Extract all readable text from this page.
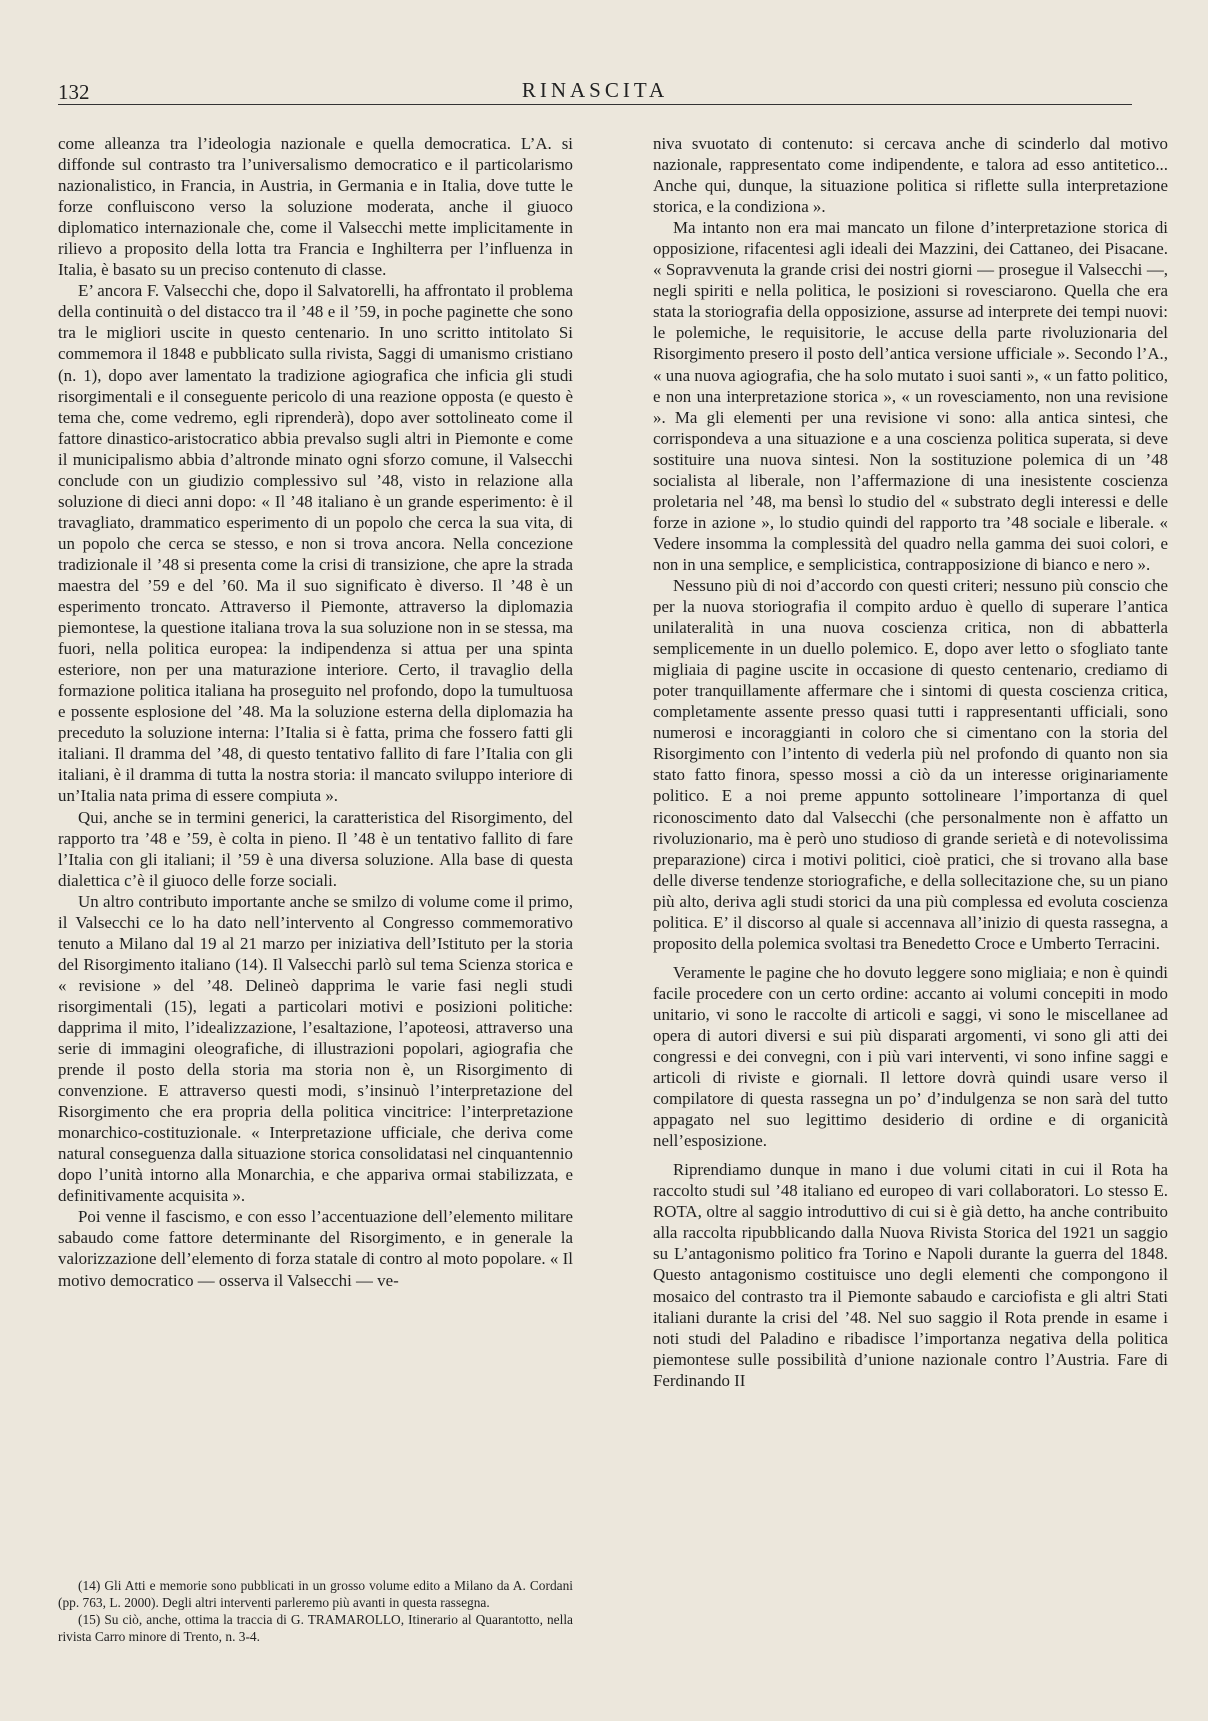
132	RINASCITA

come alleanza tra l’ideologia nazionale e quella democratica. L’A. si diffonde sul contrasto tra l’universalismo democratico e il particolarismo nazionalistico, in Francia, in Austria, in Germania e in Italia, dove tutte le forze confluiscono verso la soluzione moderata, anche il giuoco diplomatico internazionale che, come il Valsecchi mette implicitamente in rilievo a proposito della lotta tra Francia e Inghilterra per l’influenza in Italia, è basato su un preciso contenuto di classe.

E’ ancora F. Valsecchi che, dopo il Salvatorelli, ha affrontato il problema della continuità o del distacco tra il ’48 e il ’59, in poche paginette che sono tra le migliori uscite in questo centenario. In uno scritto intitolato Si commemora il 1848 e pubblicato sulla rivista, Saggi di umanismo cristiano (n. 1), dopo aver lamentato la tradizione agiografica che inficia gli studi risorgimentali e il conseguente pericolo di una reazione opposta (e questo è tema che, come vedremo, egli riprenderà), dopo aver sottolineato come il fattore dinastico-aristocratico abbia prevalso sugli altri in Piemonte e come il municipalismo abbia d’altronde minato ogni sforzo comune, il Valsecchi conclude con un giudizio complessivo sul ’48, visto in relazione alla soluzione di dieci anni dopo: « Il ’48 italiano è un grande esperimento: è il travagliato, drammatico esperimento di un popolo che cerca la sua vita, di un popolo che cerca se stesso, e non si trova ancora. Nella concezione tradizionale il ’48 si presenta come la crisi di transizione, che apre la strada maestra del ’59 e del ’60. Ma il suo significato è diverso. Il ’48 è un esperimento troncato. Attraverso il Piemonte, attraverso la diplomazia piemontese, la questione italiana trova la sua soluzione non in se stessa, ma fuori, nella politica europea: la indipendenza si attua per una spinta esteriore, non per una maturazione interiore. Certo, il travaglio della formazione politica italiana ha proseguito nel profondo, dopo la tumultuosa e possente esplosione del ’48. Ma la soluzione esterna della diplomazia ha preceduto la soluzione interna: l’Italia si è fatta, prima che fossero fatti gli italiani. Il dramma del ’48, di questo tentativo fallito di fare l’Italia con gli italiani, è il dramma di tutta la nostra storia: il mancato sviluppo interiore di un’Italia nata prima di essere compiuta ».

Qui, anche se in termini generici, la caratteristica del Risorgimento, del rapporto tra ’48 e ’59, è colta in pieno. Il ’48 è un tentativo fallito di fare l’Italia con gli italiani; il ’59 è una diversa soluzione. Alla base di questa dialettica c’è il giuoco delle forze sociali.

Un altro contributo importante anche se smilzo di volume come il primo, il Valsecchi ce lo ha dato nell’intervento al Congresso commemorativo tenuto a Milano dal 19 al 21 marzo per iniziativa dell’Istituto per la storia del Risorgimento italiano (14). Il Valsecchi parlò sul tema Scienza storica e « revisione » del ’48. Delineò dapprima le varie fasi negli studi risorgimentali (15), legati a particolari motivi e posizioni politiche: dapprima il mito, l’idealizzazione, l’esaltazione, l’apoteosi, attraverso una serie di immagini oleografiche, di illustrazioni popolari, agiografia che prende il posto della storia ma storia non è, un Risorgimento di convenzione. E attraverso questi modi, s’insinuò l’interpretazione del Risorgimento che era propria della politica vincitrice: l’interpretazione monarchico-costituzionale. « Interpretazione ufficiale, che deriva come natural conseguenza dalla situazione storica consolidatasi nel cinquantennio dopo l’unità intorno alla Monarchia, e che appariva ormai stabilizzata, e definitivamente acquisita ».

Poi venne il fascismo, e con esso l’accentuazione dell’elemento militare sabaudo come fattore determinante del Risorgimento, e in generale la valorizzazione dell’elemento di forza statale di contro al moto popolare. « Il motivo democratico — osserva il Valsecchi — ve-

niva svuotato di contenuto: si cercava anche di scinderlo dal motivo nazionale, rappresentato come indipendente, e talora ad esso antitetico... Anche qui, dunque, la situazione politica si riflette sulla interpretazione storica, e la condiziona ».

Ma intanto non era mai mancato un filone d’interpretazione storica di opposizione, rifacentesi agli ideali dei Mazzini, dei Cattaneo, dei Pisacane. « Sopravvenuta la grande crisi dei nostri giorni — prosegue il Valsecchi —, negli spiriti e nella politica, le posizioni si rovesciarono. Quella che era stata la storiografia della opposizione, assurse ad interprete dei tempi nuovi: le polemiche, le requisitorie, le accuse della parte rivoluzionaria del Risorgimento presero il posto dell’antica versione ufficiale ». Secondo l’A., « una nuova agiografia, che ha solo mutato i suoi santi », « un fatto politico, e non una interpretazione storica », « un rovesciamento, non una revisione ». Ma gli elementi per una revisione vi sono: alla antica sintesi, che corrispondeva a una situazione e a una coscienza politica superata, si deve sostituire una nuova sintesi. Non la sostituzione polemica di un ’48 socialista al liberale, non l’affermazione di una inesistente coscienza proletaria nel ’48, ma bensì lo studio del « substrato degli interessi e delle forze in azione », lo studio quindi del rapporto tra ’48 sociale e liberale. « Vedere insomma la complessità del quadro nella gamma dei suoi colori, e non in una semplice, e semplicistica, contrapposizione di bianco e nero ».

Nessuno più di noi d’accordo con questi criteri; nessuno più conscio che per la nuova storiografia il compito arduo è quello di superare l’antica unilateralità in una nuova coscienza critica, non di abbatterla semplicemente in un duello polemico. E, dopo aver letto o sfogliato tante migliaia di pagine uscite in occasione di questo centenario, crediamo di poter tranquillamente affermare che i sintomi di questa coscienza critica, completamente assente presso quasi tutti i rappresentanti ufficiali, sono numerosi e incoraggianti in coloro che si cimentano con la storia del Risorgimento con l’intento di vederla più nel profondo di quanto non sia stato fatto finora, spesso mossi a ciò da un interesse originariamente politico. E a noi preme appunto sottolineare l’importanza di quel riconoscimento dato dal Valsecchi (che personalmente non è affatto un rivoluzionario, ma è però uno studioso di grande serietà e di notevolissima preparazione) circa i motivi politici, cioè pratici, che si trovano alla base delle diverse tendenze storiografiche, e della sollecitazione che, su un piano più alto, deriva agli studi storici da una più complessa ed evoluta coscienza politica. E’ il discorso al quale si accennava all’inizio di questa rassegna, a proposito della polemica svoltasi tra Benedetto Croce e Umberto Terracini.

Veramente le pagine che ho dovuto leggere sono migliaia; e non è quindi facile procedere con un certo ordine: accanto ai volumi concepiti in modo unitario, vi sono le raccolte di articoli e saggi, vi sono le miscellanee ad opera di autori diversi e sui più disparati argomenti, vi sono gli atti dei congressi e dei convegni, con i più vari interventi, vi sono infine saggi e articoli di riviste e giornali. Il lettore dovrà quindi usare verso il compilatore di questa rassegna un po’ d’indulgenza se non sarà del tutto appagato nel suo legittimo desiderio di ordine e di organicità nell’esposizione.

Riprendiamo dunque in mano i due volumi citati in cui il Rota ha raccolto studi sul ’48 italiano ed europeo di vari collaboratori. Lo stesso E. ROTA, oltre al saggio introduttivo di cui si è già detto, ha anche contribuito alla raccolta ripubblicando dalla Nuova Rivista Storica del 1921 un saggio su L’antagonismo politico fra Torino e Napoli durante la guerra del 1848. Questo antagonismo costituisce uno degli elementi che compongono il mosaico del contrasto tra il Piemonte sabaudo e carciofista e gli altri Stati italiani durante la crisi del ’48. Nel suo saggio il Rota prende in esame i noti studi del Paladino e ribadisce l’importanza negativa della politica piemontese sulle possibilità d’unione nazionale contro l’Austria. Fare di Ferdinando II

(14) Gli Atti e memorie sono pubblicati in un grosso volume edito a Milano da A. Cordani (pp. 763, L. 2000). Degli altri interventi parleremo più avanti in questa rassegna.

(15) Su ciò, anche, ottima la traccia di G. TRAMAROLLO, Itinerario al Quarantotto, nella rivista Carro minore di Trento, n. 3-4.
